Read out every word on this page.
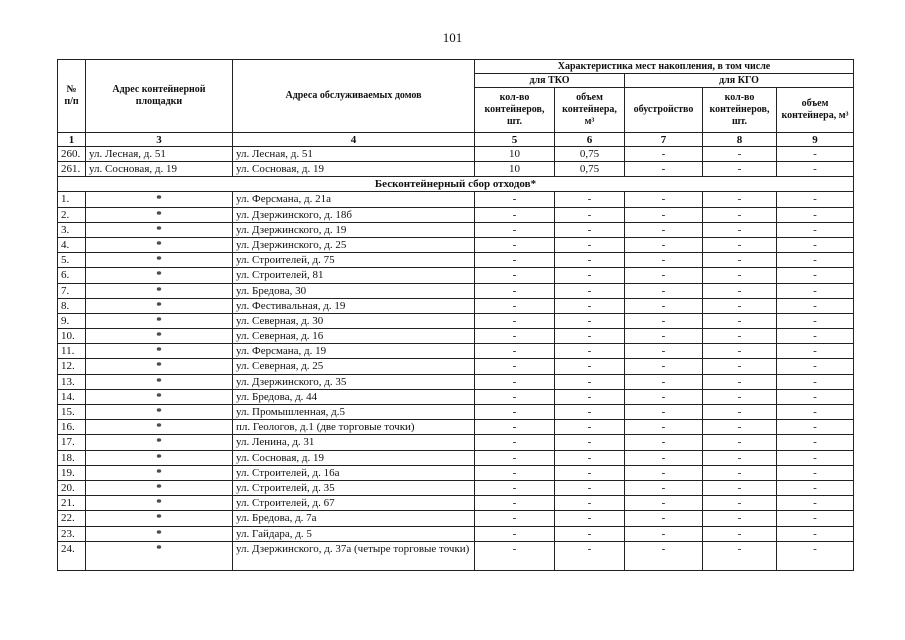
101
№ п/п	Адрес контейнерной площадки	Адреса обслуживаемых домов	Характеристика мест накопления, в том числе				
			для ТКО		для КГО		
			кол-во контейнеров, шт.	объем контейнера, м³	обустройство	кол-во контейнеров, шт.	объем контейнера, м³
1	3	4	5	6	7	8	9
260.	ул. Лесная, д. 51	ул. Лесная, д. 51	10	0,75	-	-	-
261.	ул. Сосновая, д. 19	ул. Сосновая, д. 19	10	0,75	-	-	-
Бесконтейнерный сбор отходов*							
1.	*	ул. Ферсмана, д. 21а	-	-	-	-	-
2.	*	ул. Дзержинского, д. 18б	-	-	-	-	-
3.	*	ул. Дзержинского, д. 19	-	-	-	-	-
4.	*	ул. Дзержинского, д. 25	-	-	-	-	-
5.	*	ул. Строителей, д. 75	-	-	-	-	-
6.	*	ул. Строителей, 81	-	-	-	-	-
7.	*	ул. Бредова, 30	-	-	-	-	-
8.	*	ул. Фестивальная, д. 19	-	-	-	-	-
9.	*	ул. Северная, д. 30	-	-	-	-	-
10.	*	ул. Северная, д. 16	-	-	-	-	-
11.	*	ул. Ферсмана, д. 19	-	-	-	-	-
12.	*	ул. Северная, д. 25	-	-	-	-	-
13.	*	ул. Дзержинского, д. 35	-	-	-	-	-
14.	*	ул. Бредова, д. 44	-	-	-	-	-
15.	*	ул. Промышленная, д.5	-	-	-	-	-
16.	*	пл. Геологов, д.1 (две торговые точки)	-	-	-	-	-
17.	*	ул. Ленина, д. 31	-	-	-	-	-
18.	*	ул. Сосновая, д. 19	-	-	-	-	-
19.	*	ул. Строителей, д. 16а	-	-	-	-	-
20.	*	ул. Строителей, д. 35	-	-	-	-	-
21.	*	ул. Строителей, д. 67	-	-	-	-	-
22.	*	ул. Бредова, д. 7а	-	-	-	-	-
23.	*	ул. Гайдара, д. 5	-	-	-	-	-
24.	*	ул. Дзержинского, д. 37а (четыре торговые точки)	-	-	-	-	-
